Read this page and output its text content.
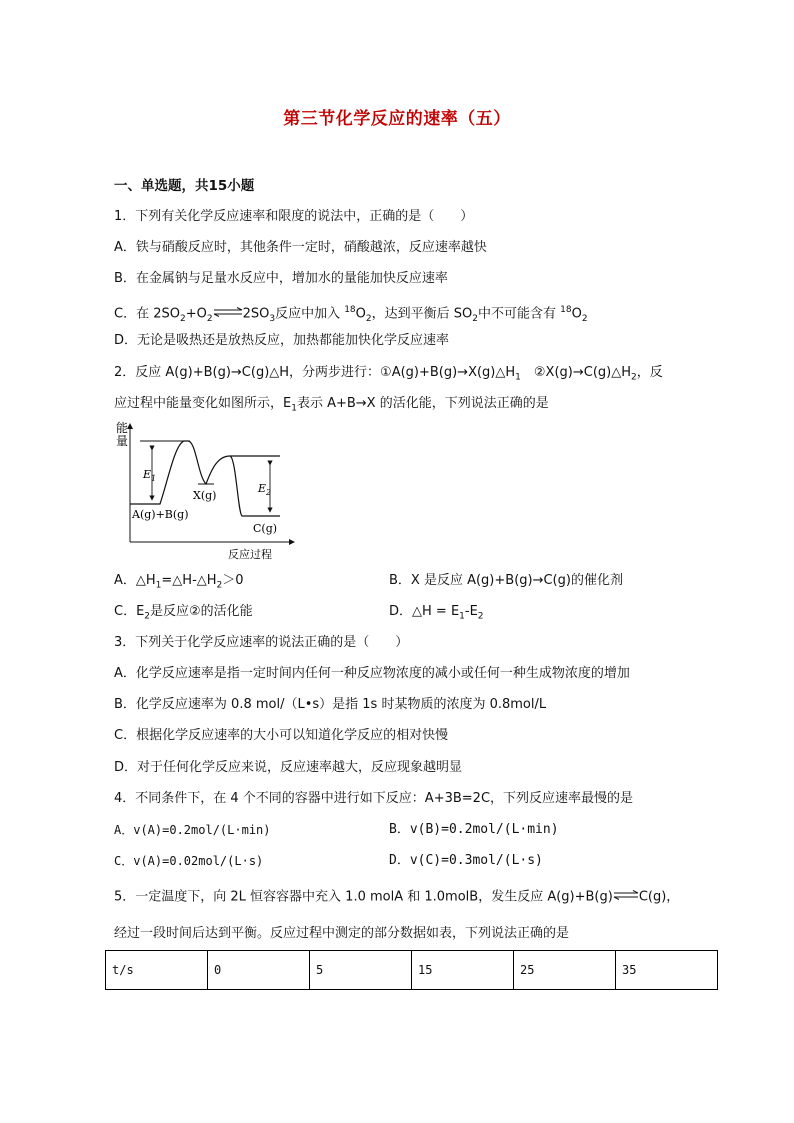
第三节化学反应的速率（五）
一、单选题，共15小题
1．下列有关化学反应速率和限度的说法中，正确的是（　　）
A．铁与硝酸反应时，其他条件一定时，硝酸越浓，反应速率越快
B．在金属钠与足量水反应中，增加水的量能加快反应速率
C．在 $2SO_2+O_2\rightleftharpoons 2SO_3$反应中加入 $^{18}O_2$，达到平衡后 $SO_2$中不可能含有 $^{18}O_2$
D．无论是吸热还是放热反应，加热都能加快化学反应速率
2．反应 A(g)+B(g)→C(g)△H，分两步进行：$①A(g)+B(g)\to X(g)\triangle H_1$　$②X(g)\to C(g)\triangle H_2$，反
应过程中能量变化如图所示，$E_1$表示 A+B→X 的活化能，下列说法正确的是
能
量
$E_1$
$E_2$
X(g)
A(g)+B(g)
C(g)
反应过程
A．$\triangle H_1=\triangle H-\triangle H_2>0$	B．X 是反应 A(g)+B(g)→C(g)的催化剂
C．$E_2$是反应②的活化能	D．△H = $E_1-E_2$
3．下列关于化学反应速率的说法正确的是（　　）
A．化学反应速率是指一定时间内任何一种反应物浓度的减小或任何一种生成物浓度的增加
B．化学反应速率为 0.8 mol/（L•s）是指 1s 时某物质的浓度为 0.8mol/L
C．根据化学反应速率的大小可以知道化学反应的相对快慢
D．对于任何化学反应来说，反应速率越大，反应现象越明显
4．不同条件下，在 4 个不同的容器中进行如下反应：A+3B=2C，下列反应速率最慢的是
A．v(A)=0.2mol/(L·min)	B．v(B)=0.2mol/(L·min)
C．v(A)=0.02mol/(L·s)	D．v(C)=0.3mol/(L·s)
5．一定温度下，向 2L 恒容容器中充入 1.0 molA 和 1.0molB，发生反应 A(g)+B(g)⇌C(g)，
经过一段时间后达到平衡。反应过程中测定的部分数据如表，下列说法正确的是
t/s	0	5	15	25	35
